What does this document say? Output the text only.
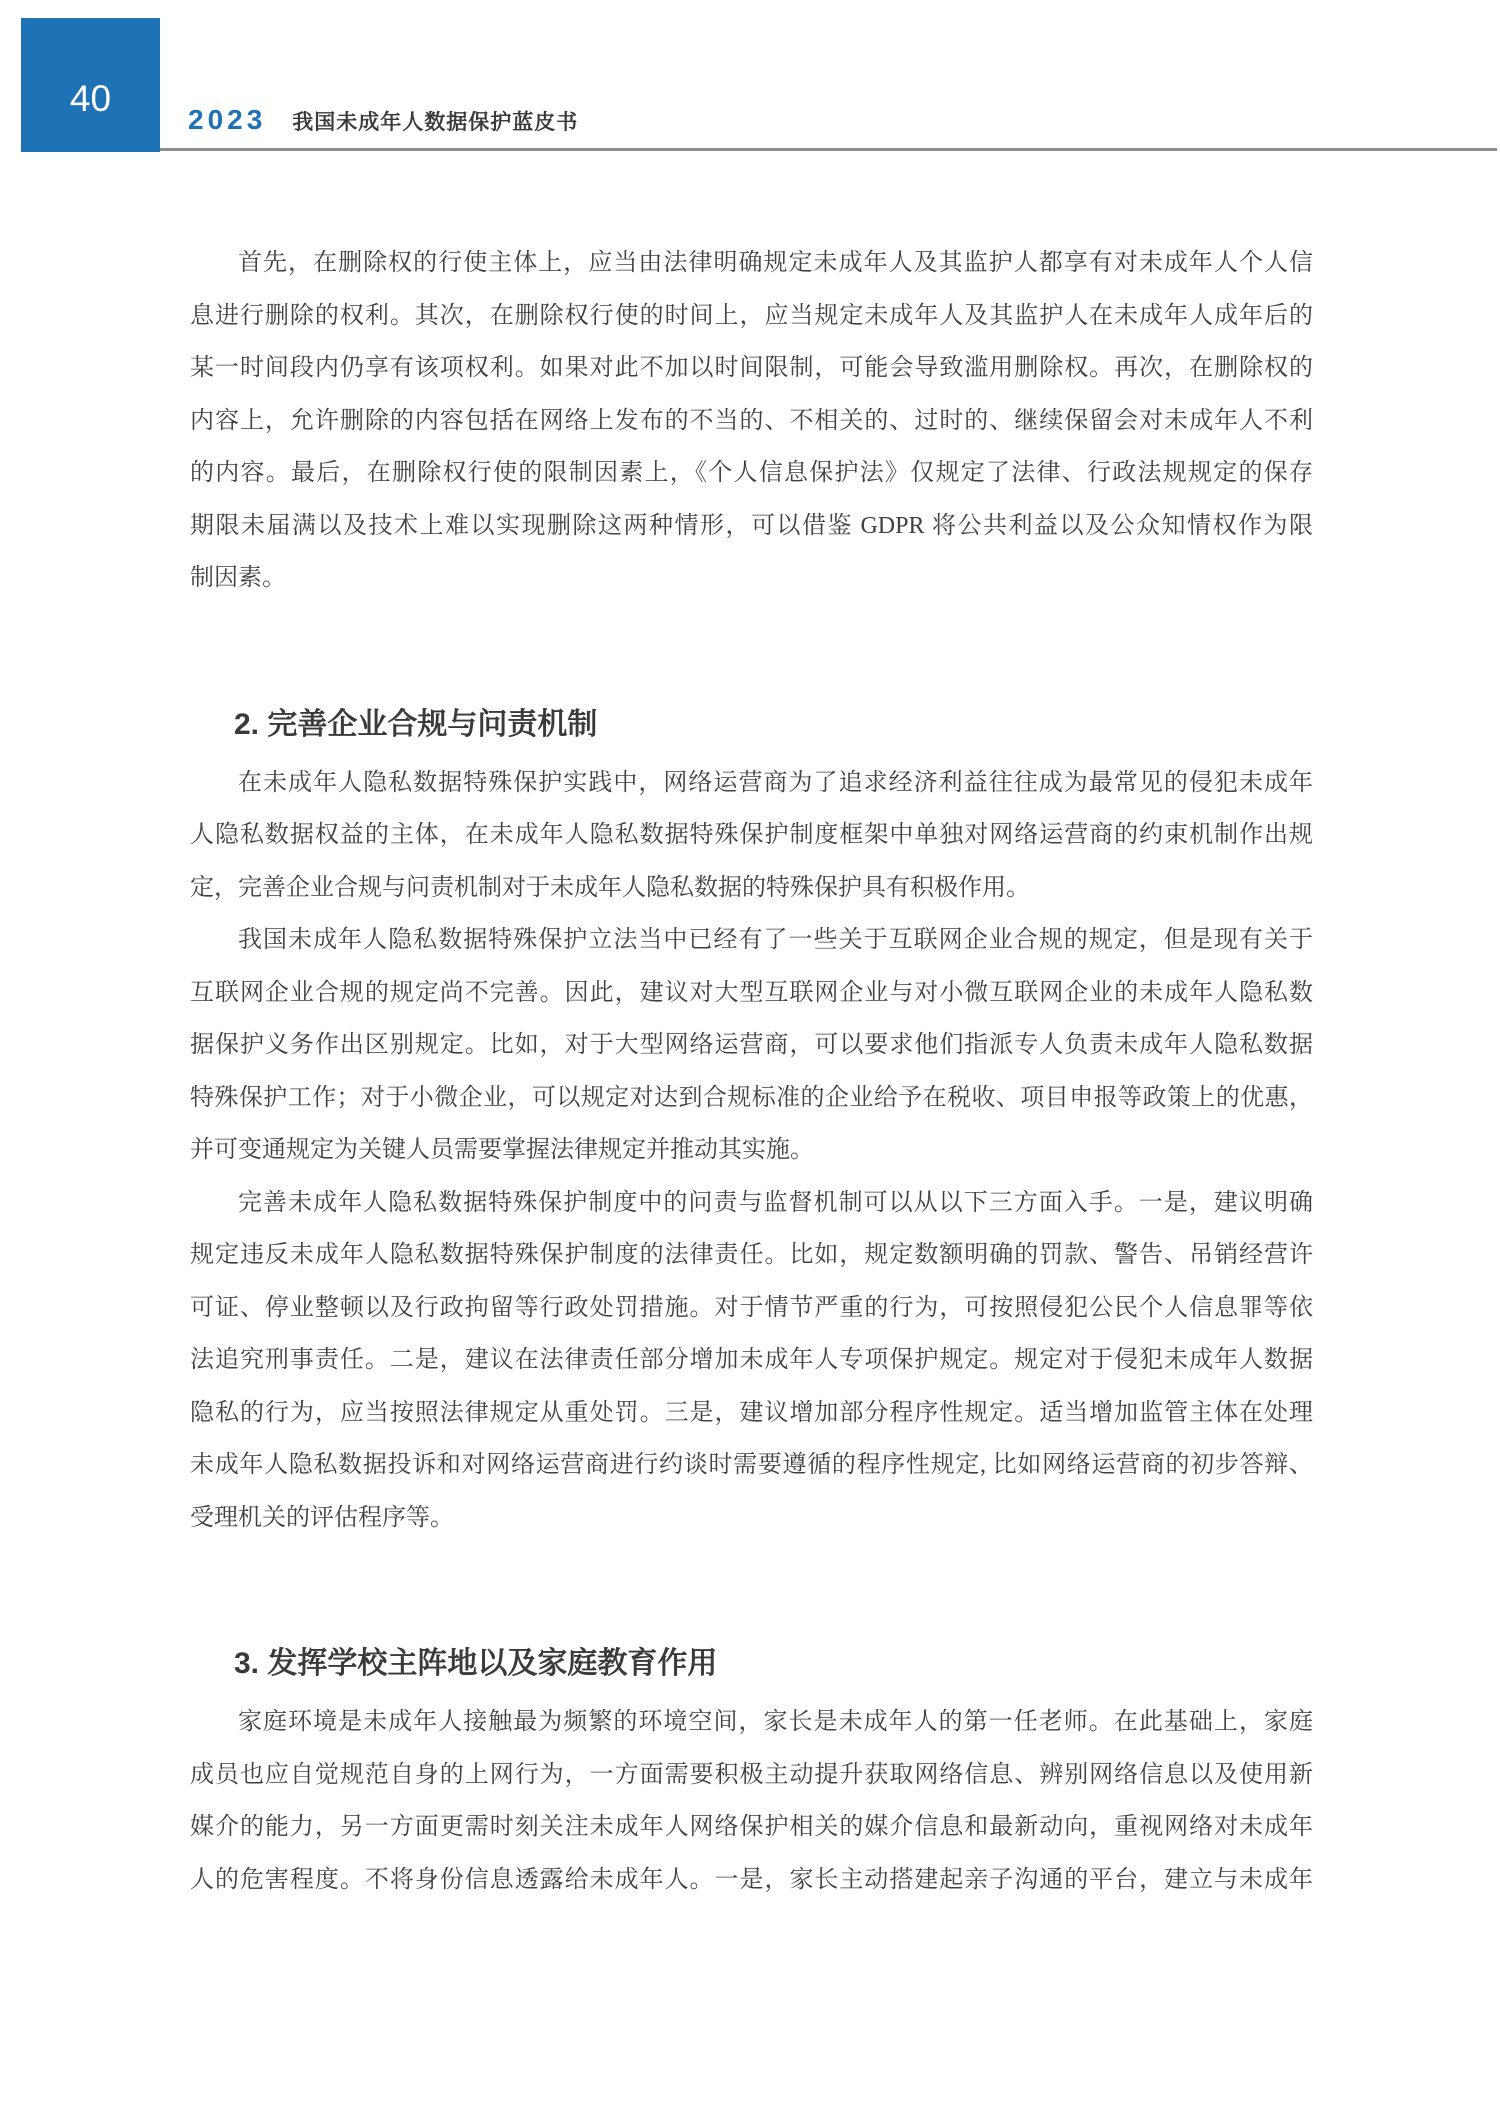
40
2023 我国未成年人数据保护蓝皮书
首先，在删除权的行使主体上，应当由法律明确规定未成年人及其监护人都享有对未成年人个人信
息进行删除的权利。其次，在删除权行使的时间上，应当规定未成年人及其监护人在未成年人成年后的
某一时间段内仍享有该项权利。如果对此不加以时间限制，可能会导致滥用删除权。再次，在删除权的
内容上，允许删除的内容包括在网络上发布的不当的、不相关的、过时的、继续保留会对未成年人不利
的内容。最后，在删除权行使的限制因素上，《个人信息保护法》仅规定了法律、行政法规规定的保存
期限未届满以及技术上难以实现删除这两种情形，可以借鉴 GDPR 将公共利益以及公众知情权作为限
制因素。
2. 完善企业合规与问责机制
在未成年人隐私数据特殊保护实践中，网络运营商为了追求经济利益往往成为最常见的侵犯未成年
人隐私数据权益的主体，在未成年人隐私数据特殊保护制度框架中单独对网络运营商的约束机制作出规
定，完善企业合规与问责机制对于未成年人隐私数据的特殊保护具有积极作用。
我国未成年人隐私数据特殊保护立法当中已经有了一些关于互联网企业合规的规定，但是现有关于
互联网企业合规的规定尚不完善。因此，建议对大型互联网企业与对小微互联网企业的未成年人隐私数
据保护义务作出区别规定。比如，对于大型网络运营商，可以要求他们指派专人负责未成年人隐私数据
特殊保护工作；对于小微企业，可以规定对达到合规标准的企业给予在税收、项目申报等政策上的优惠，
并可变通规定为关键人员需要掌握法律规定并推动其实施。
完善未成年人隐私数据特殊保护制度中的问责与监督机制可以从以下三方面入手。一是，建议明确
规定违反未成年人隐私数据特殊保护制度的法律责任。比如，规定数额明确的罚款、警告、吊销经营许
可证、停业整顿以及行政拘留等行政处罚措施。对于情节严重的行为，可按照侵犯公民个人信息罪等依
法追究刑事责任。二是，建议在法律责任部分增加未成年人专项保护规定。规定对于侵犯未成年人数据
隐私的行为，应当按照法律规定从重处罚。三是，建议增加部分程序性规定。适当增加监管主体在处理
未成年人隐私数据投诉和对网络运营商进行约谈时需要遵循的程序性规定, 比如网络运营商的初步答辩、
受理机关的评估程序等。
3. 发挥学校主阵地以及家庭教育作用
家庭环境是未成年人接触最为频繁的环境空间，家长是未成年人的第一任老师。在此基础上，家庭
成员也应自觉规范自身的上网行为，一方面需要积极主动提升获取网络信息、辨别网络信息以及使用新
媒介的能力，另一方面更需时刻关注未成年人网络保护相关的媒介信息和最新动向，重视网络对未成年
人的危害程度。不将身份信息透露给未成年人。一是，家长主动搭建起亲子沟通的平台，建立与未成年
